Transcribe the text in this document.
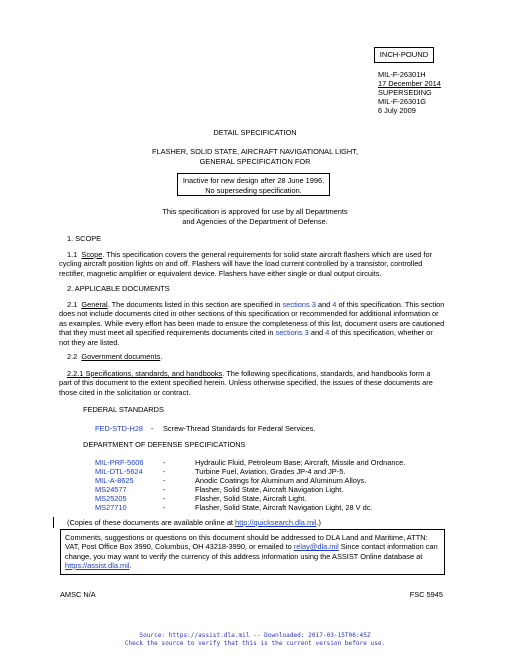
INCH-POUND
MIL-F-26301H
17 December 2014
SUPERSEDING
MIL-F-26301G
6 July 2009
DETAIL SPECIFICATION
FLASHER, SOLID STATE, AIRCRAFT NAVIGATIONAL LIGHT,
GENERAL SPECIFICATION FOR
Inactive for new design after 28 June 1996.
No superseding specification.
This specification is approved for use by all Departments
and Agencies of the Department of Defense.
1. SCOPE
1.1 Scope. This specification covers the general requirements for solid state aircraft flashers which are used for cycling aircraft position lights on and off. Flashers will have the load current controlled by a transistor, controlled rectifier, magnetic amplifier or equivalent device. Flashers have either single or dual output circuits.
2. APPLICABLE DOCUMENTS
2.1 General. The documents listed in this section are specified in sections 3 and 4 of this specification. This section does not include documents cited in other sections of this specification or recommended for additional information or as examples. While every effort has been made to ensure the completeness of this list, document users are cautioned that they must meet all specified requirements documents cited in sections 3 and 4 of this specification, whether or not they are listed.
2.2 Government documents.
2.2.1 Specifications, standards, and handbooks. The following specifications, standards, and handbooks form a part of this document to the extent specified herein. Unless otherwise specified, the issues of these documents are those cited in the solicitation or contract.
FEDERAL STANDARDS
FED-STD-H28	-	Screw-Thread Standards for Federal Services.
DEPARTMENT OF DEFENSE SPECIFICATIONS
MIL-PRF-5606	-	Hydraulic Fluid, Petroleum Base; Aircraft, Missile and Ordnance.
MIL-DTL-5624	-	Turbine Fuel, Aviation, Grades JP-4 and JP-5.
MIL-A-8625	-	Anodic Coatings for Aluminum and Aluminum Alloys.
MS24577	-	Flasher, Solid State, Aircraft Navigation Light.
MS25205	-	Flasher, Solid State, Aircraft Light.
MS27710	-	Flasher, Solid State, Aircraft Navigation Light, 28 V dc.
(Copies of these documents are available online at http://quicksearch.dla.mil.)
Comments, suggestions or questions on this document should be addressed to DLA Land and Maritime, ATTN: VAT, Post Office Box 3990, Columbus, OH 43218-3990, or emailed to relay@dla.mil Since contact information can change, you may want to verify the currency of this address information using the ASSIST Online database at https://assist.dla.mil.
AMSC N/A	FSC 5945
Source: https://assist.dla.mil -- Downloaded: 2017-03-15T06:45Z
Check the source to verify that this is the current version before use.
